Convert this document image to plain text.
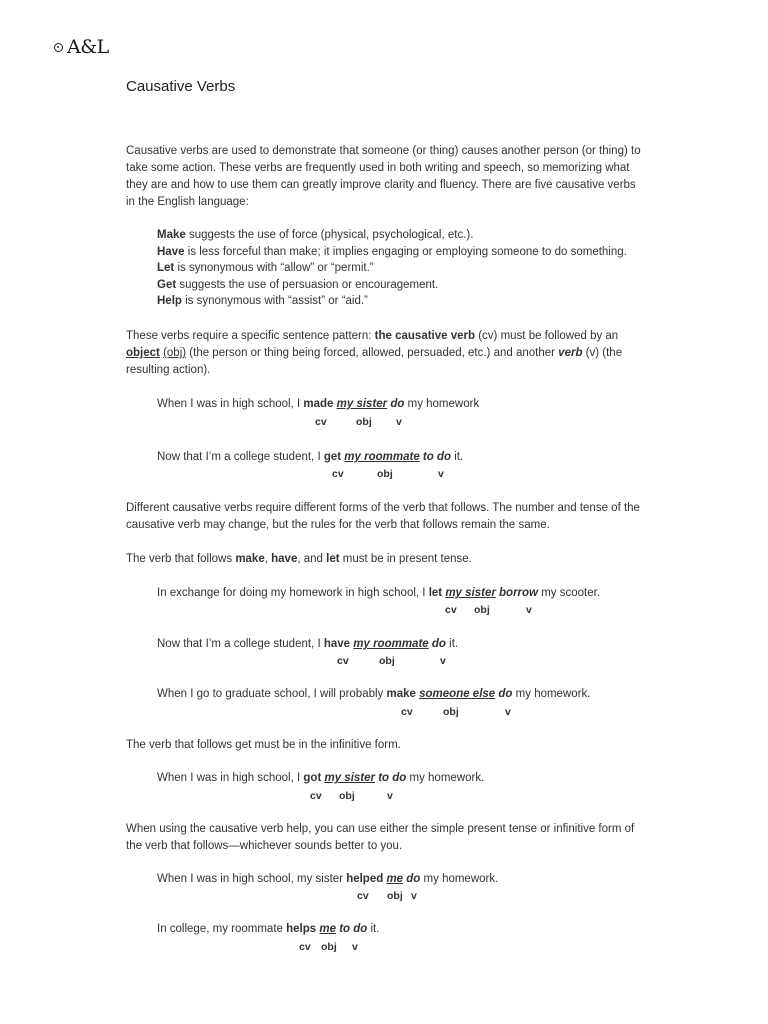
A&L
Causative Verbs
Causative verbs are used to demonstrate that someone (or thing) causes another person (or thing) to take some action. These verbs are frequently used in both writing and speech, so memorizing what they are and how to use them can greatly improve clarity and fluency. There are five causative verbs in the English language:
Make suggests the use of force (physical, psychological, etc.).
Have is less forceful than make; it implies engaging or employing someone to do something.
Let is synonymous with “allow” or “permit.”
Get suggests the use of persuasion or encouragement.
Help is synonymous with “assist” or “aid.”
These verbs require a specific sentence pattern: the causative verb (cv) must be followed by an object (obj) (the person or thing being forced, allowed, persuaded, etc.) and another verb (v) (the resulting action).
When I was in high school, I made my sister do my homework
cv	obj v
Now that I’m a college student, I get my roommate to do it.
cv	obj	v
Different causative verbs require different forms of the verb that follows. The number and tense of the causative verb may change, but the rules for the verb that follows remain the same.
The verb that follows make, have, and let must be in present tense.
In exchange for doing my homework in high school, I let my sister borrow my scooter.
cv obj	v
Now that I’m a college student, I have my roommate do it.
cv	obj	v
When I go to graduate school, I will probably make someone else do my homework.
cv	obj	v
The verb that follows get must be in the infinitive form.
When I was in high school, I got my sister to do my homework.
cv obj	v
When using the causative verb help, you can use either the simple present tense or infinitive form of the verb that follows—whichever sounds better to you.
When I was in high school, my sister helped me do my homework.
cv obj v
In college, my roommate helps me to do it.
cv obj v
